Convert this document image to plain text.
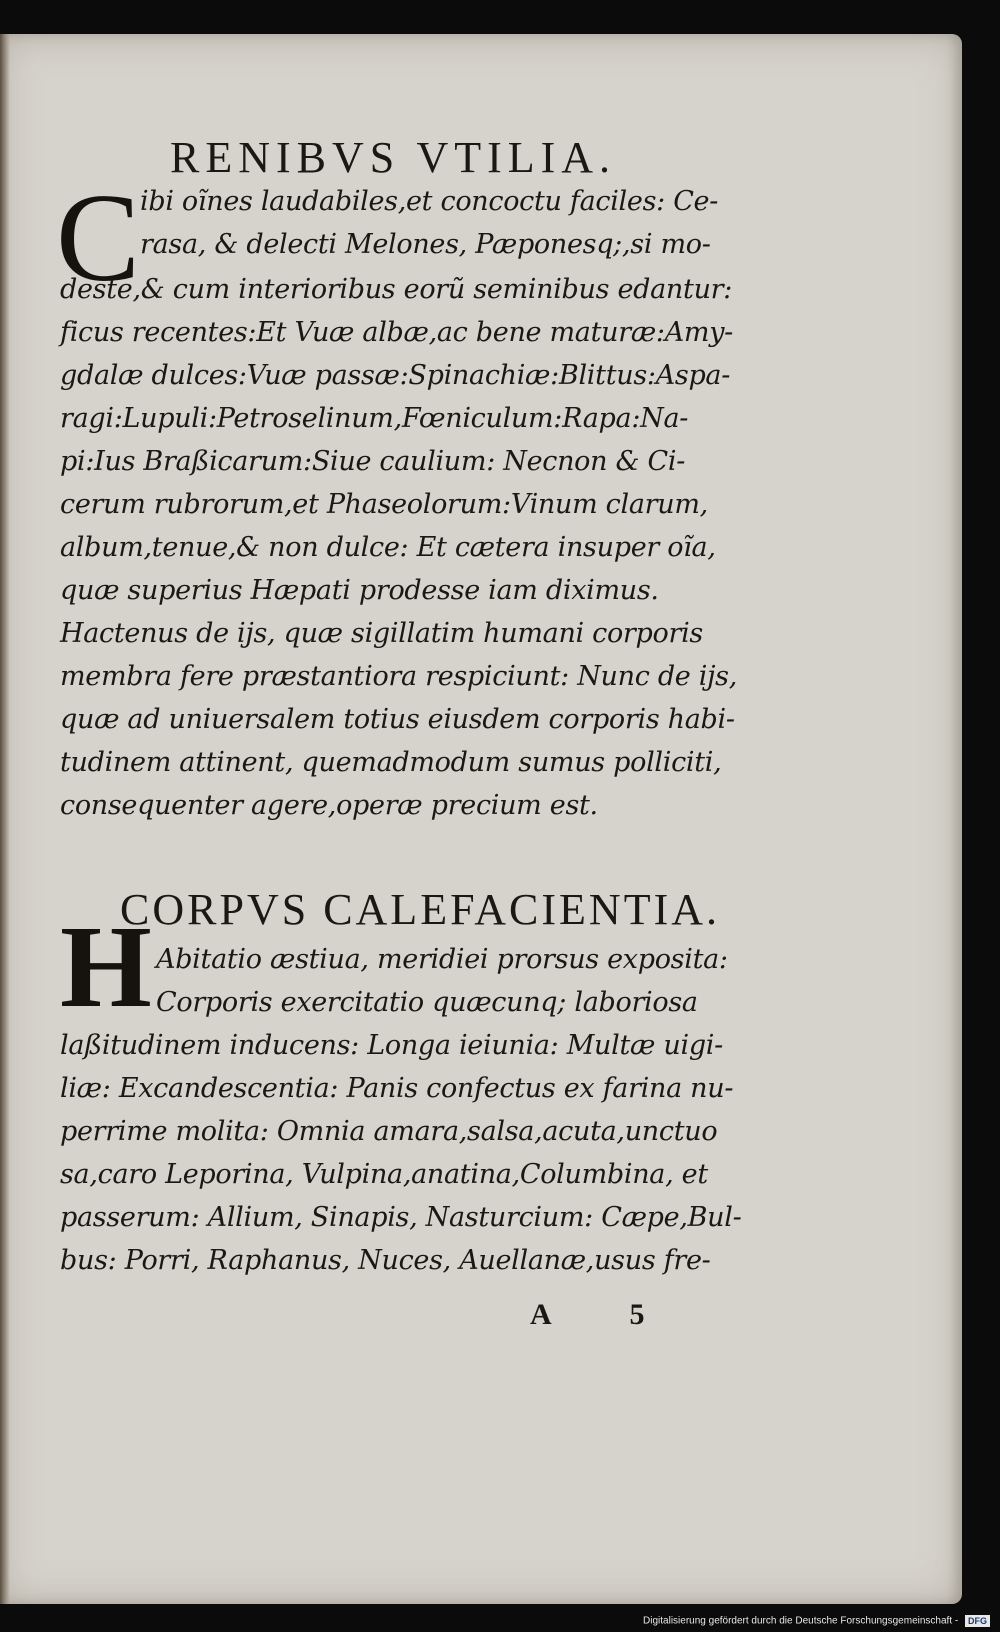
RENIBVS VTILIA.
C ibi oĩnes laudabiles,et concoctu faciles: Ce-
rasa, & delecti Melones, Pæponesq;,si mo-
deste,& cum interioribus eorũ seminibus edantur:
ficus recentes:Et Vuæ albæ,ac bene maturæ:Amy-
gdalæ dulces:Vuæ passæ:Spinachiæ:Blittus:Aspa-
ragi:Lupuli:Petroselinum,Fœniculum:Rapa:Na-
pi:Ius Braßicarum:Siue caulium: Necnon & Ci-
cerum rubrorum,et Phaseolorum:Vinum clarum,
album,tenue,& non dulce: Et cætera insuper oĩa,
quæ superius Hæpati prodesse iam diximus.
Hactenus de ijs, quæ sigillatim humani corporis
membra fere præstantiora respiciunt: Nunc de ijs,
quæ ad uniuersalem totius eiusdem corporis habi-
tudinem attinent, quemadmodum sumus polliciti,
consequenter agere,operæ precium est.
CORPVS CALEFACIENTIA.
H Abitatio æstiua, meridiei prorsus exposita:
Corporis exercitatio quæcunq; laboriosa
laßitudinem inducens: Longa ieiunia: Multæ uigi-
liæ: Excandescentia: Panis confectus ex farina nu-
perrime molita: Omnia amara,salsa,acuta,unctuo
sa,caro Leporina, Vulpina,anatina,Columbina, et
passerum: Allium, Sinapis, Nasturcium: Cæpe,Bul-
bus: Porri, Raphanus, Nuces, Auellanæ,usus fre-
A 5
Digitalisierung gefördert durch die Deutsche Forschungsgemeinschaft - DFG
